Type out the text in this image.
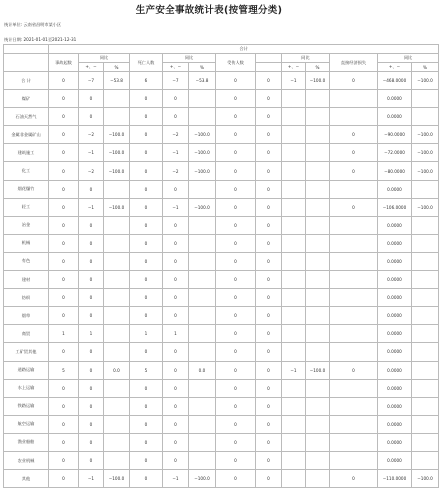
生产安全事故统计表(按管理分类)
统计单位: 云南省昌明市某小区
统计日期: 2021-01-01至2021-12-31
	合计												
	事故起数	同比		死亡人数	同比		受伤人数		同比		直接经济损失	同比	
		+、−	%		+、−	%			+、−	%		+、−	%
合 计	0	−7	−53.8	6	−7	−53.8	0	0	−1	−100.0	0	−468.0000	−100.0
煤矿	0	0		0	0		0	0				0.0000	
石油天然气	0	0		0	0		0	0				0.0000	
金属非金属矿山	0	−2	−100.0	0	−2	−100.0	0	0			0	−90.0000	−100.0
建筑施工	0	−1	−100.0	0	−1	−100.0	0	0			0	−72.0000	−100.0
化工	0	−2	−100.0	0	−2	−100.0	0	0			0	−80.0000	−100.0
烟花爆竹	0	0		0	0		0	0				0.0000	
轻工	0	−1	−100.0	0	−1	−100.0	0	0			0	−106.0000	−100.0
冶金	0	0		0	0		0	0				0.0000	
机械	0	0		0	0		0	0				0.0000	
有色	0	0		0	0		0	0				0.0000	
建材	0	0		0	0		0	0				0.0000	
纺织	0	0		0	0		0	0				0.0000	
烟草	0	0		0	0		0	0				0.0000	
商贸	1	1		1	1		0	0				0.0000	
工矿贸其他	0	0		0	0		0	0				0.0000	
道路运输	5	0	0.0	5	0	0.0	0	0	−1	−100.0	0	0.0000	
水上运输	0	0		0	0		0	0				0.0000	
铁路运输	0	0		0	0		0	0				0.0000	
航空运输	0	0		0	0		0	0				0.0000	
渔业船舶	0	0		0	0		0	0				0.0000	
农业机械	0	0		0	0		0	0				0.0000	
其他	0	−1	−100.0	0	−1	−100.0	0	0			0	−110.0000	−100.0
